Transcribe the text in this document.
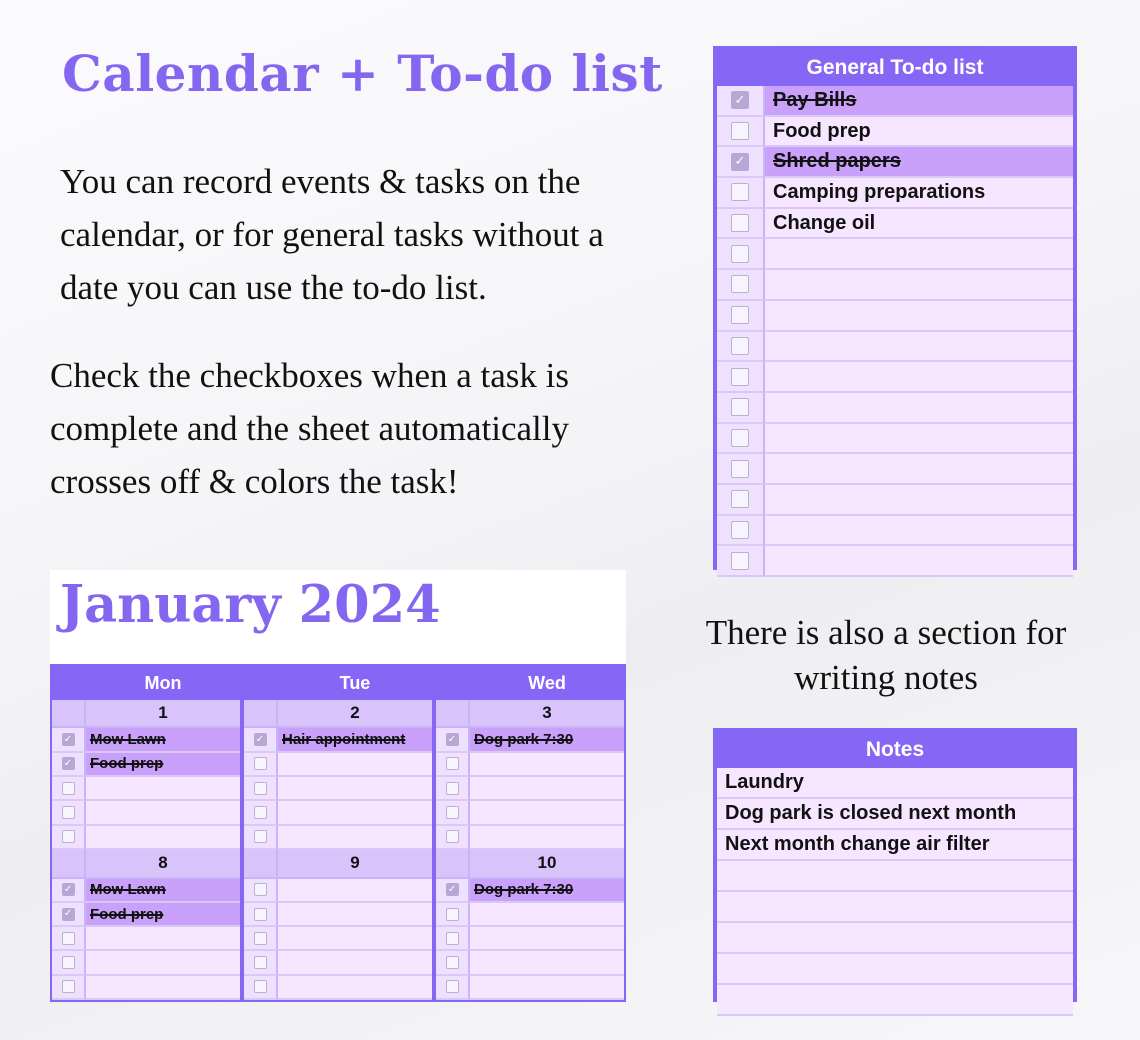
Calendar + To-do list

You can record events & tasks on the calendar, or for general tasks without a date you can use the to-do list.

Check the checkboxes when a task is complete and the sheet automatically crosses off & colors the task!

There is also a section for writing notes

General To-do list
✓	Pay Bills
Food prep
✓	Shred papers
Camping preparations
Change oil
Notes
Laundry
Dog park is closed next month
Next month change air filter
January 2024
Mon
1
✓ Mow Lawn
✓ Food prep
8
✓ Mow Lawn
✓ Food prep
Tue
2
✓ Hair appointment
9
Wed
3
✓ Dog park 7:30
10
✓ Dog park 7:30
